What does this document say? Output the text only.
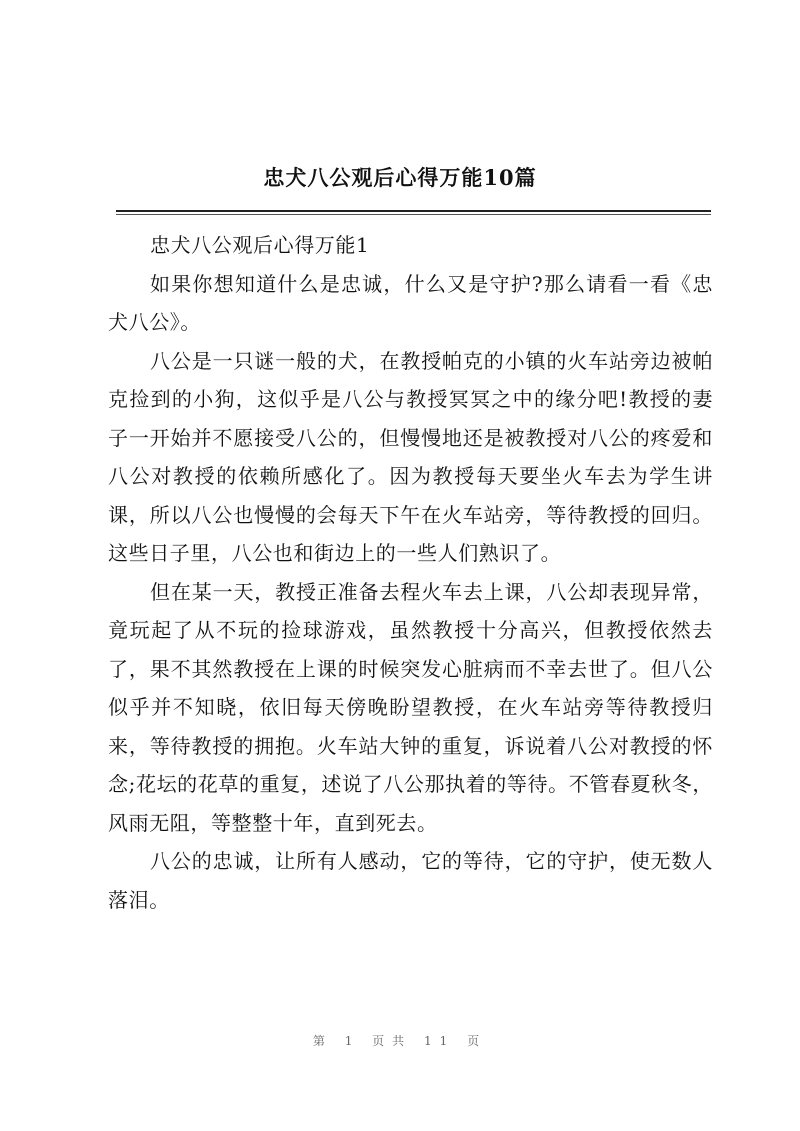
忠犬八公观后心得万能10篇

忠犬八公观后心得万能1

如果你想知道什么是忠诚，什么又是守护?那么请看一看《忠犬八公》。

八公是一只谜一般的犬，在教授帕克的小镇的火车站旁边被帕克捡到的小狗，这似乎是八公与教授冥冥之中的缘分吧!教授的妻子一开始并不愿接受八公的，但慢慢地还是被教授对八公的疼爱和八公对教授的依赖所感化了。因为教授每天要坐火车去为学生讲课，所以八公也慢慢的会每天下午在火车站旁，等待教授的回归。这些日子里，八公也和街边上的一些人们熟识了。

但在某一天，教授正准备去程火车去上课，八公却表现异常，竟玩起了从不玩的捡球游戏，虽然教授十分高兴，但教授依然去了，果不其然教授在上课的时候突发心脏病而不幸去世了。但八公似乎并不知晓，依旧每天傍晚盼望教授，在火车站旁等待教授归来，等待教授的拥抱。火车站大钟的重复，诉说着八公对教授的怀念;花坛的花草的重复，述说了八公那执着的等待。不管春夏秋冬，风雨无阻，等整整十年，直到死去。

八公的忠诚，让所有人感动，它的等待，它的守护，使无数人落泪。

第 1 页共 11 页
